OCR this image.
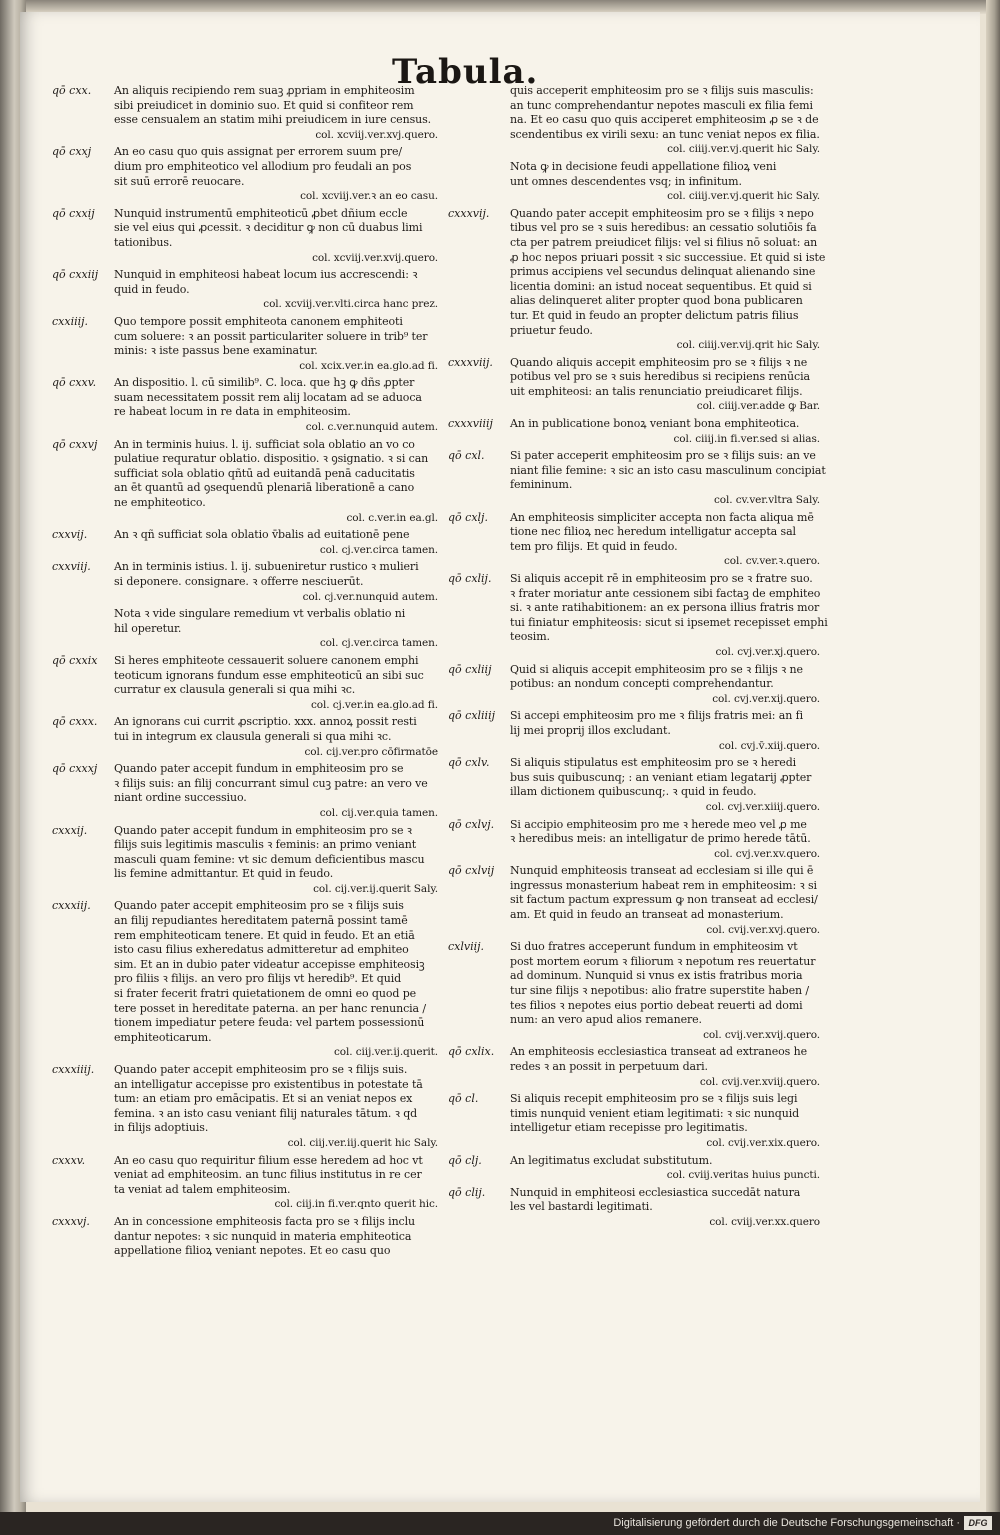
Tabula.
qō cxx.	An aliquis recipiendo rem suaꝫ ꝓpriam in emphiteosim
sibi preiudicet in dominio suo. Et quid si confiteor rem
esse censualem an statim mihi preiudicem in iure census.
col. xcviij.ver.xvj.quero.
qō cxxj	An eo casu quo quis assignat per errorem suum pre/
dium pro emphiteotico vel allodium pro feudali an pos
sit suū errorē reuocare.
col. xcviij.ver.ꝛ an eo casu.
qō cxxij	Nunquid instrumentū emphiteoticū ꝓbet dñium eccle
sie vel eius qui ꝓcessit. ꝛ deciditur ꝙ non cū duabus limi
tationibus.
col. xcviij.ver.xvij.quero.
qō cxxiij	Nunquid in emphiteosi habeat locum ius accrescendi: ꝛ
quid in feudo.
col. xcviij.ver.vlti.circa hanc prez.
cxxiiij.	Quo tempore possit emphiteota canonem emphiteoti
cum soluere: ꝛ an possit particulariter soluere in trib⁹ ter
minis: ꝛ iste passus bene examinatur.
col. xcix.ver.in ea.glo.ad fi.
qō cxxv.	An dispositio. l. cū similib⁹. C. loca. que hꝫ ꝙ dñs ꝓpter
suam necessitatem possit rem alij locatam ad se aduoca
re habeat locum in re data in emphiteosim.
col. c.ver.nunquid autem.
qō cxxvj	An in terminis huius. l. ij. sufficiat sola oblatio an vo co
pulatiue requratur oblatio. dispositio. ꝛ ꝯsignatio. ꝛ si can
sufficiat sola oblatio qñtū ad euitandā penā caducitatis
an ēt quantū ad ꝯsequendū plenariā liberationē a cano
ne emphiteotico.
col. c.ver.in ea.gl.
cxxvij.	An ꝛ qñ sufficiat sola oblatio v̄balis ad euitationē pene
col. cj.ver.circa tamen.
cxxviij.	An in terminis istius. l. ij. subueniretur rustico ꝛ mulieri
si deponere. consignare. ꝛ offerre nesciuerūt.
col. cj.ver.nunquid autem.
Nota ꝛ vide singulare remedium vt verbalis oblatio ni
hil operetur.
col. cj.ver.circa tamen.
qō cxxix	Si heres emphiteote cessauerit soluere canonem emphi
teoticum ignorans fundum esse emphiteoticū an sibi suc
curratur ex clausula generali si qua mihi ꝛc.
col. cj.ver.in ea.glo.ad fi.
qō cxxx.	An ignorans cui currit ꝓscriptio. xxx. annoꝝ possit resti
tui in integrum ex clausula generali si qua mihi ꝛc.
col. cij.ver.pro cōfirmatōe
qō cxxxj	Quando pater accepit fundum in emphiteosim pro se
ꝛ filijs suis: an filij concurrant simul cuꝫ patre: an vero ve
niant ordine successiuo.
col. cij.ver.quia tamen.
cxxxij.	Quando pater accepit fundum in emphiteosim pro se ꝛ
filijs suis legitimis masculis ꝛ feminis: an primo veniant
masculi quam femine: vt sic demum deficientibus mascu
lis femine admittantur. Et quid in feudo.
col. cij.ver.ij.querit Saly.
cxxxiij.	Quando pater accepit emphiteosim pro se ꝛ filijs suis
an filij repudiantes hereditatem paternā possint tamē
rem emphiteoticam tenere. Et quid in feudo. Et an etiā
isto casu filius exheredatus admitteretur ad emphiteo
sim. Et an in dubio pater videatur accepisse emphiteosiꝫ
pro filiis ꝛ filijs. an vero pro filijs vt heredib⁹. Et quid
si frater fecerit fratri quietationem de omni eo quod pe
tere posset in hereditate paterna. an per hanc renuncia /
tionem impediatur petere feuda: vel partem possessionū
emphiteoticarum.
col. ciij.ver.ij.querit.
cxxxiiij.	Quando pater accepit emphiteosim pro se ꝛ filijs suis.
an intelligatur accepisse pro existentibus in potestate tā
tum: an etiam pro emācipatis. Et si an veniat nepos ex
femina. ꝛ an isto casu veniant filij naturales tātum. ꝛ qd
in filijs adoptiuis.
col. ciij.ver.iij.querit hic Saly.
cxxxv.	An eo casu quo requiritur filium esse heredem ad hoc vt
veniat ad emphiteosim. an tunc filius institutus in re cer
ta veniat ad talem emphiteosim.
col. ciij.in fi.ver.qnto querit hic.
cxxxvj.	An in concessione emphiteosis facta pro se ꝛ filijs inclu
dantur nepotes: ꝛ sic nunquid in materia emphiteotica
appellatione filioꝝ veniant nepotes. Et eo casu quo
quis acceperit emphiteosim pro se ꝛ filijs suis masculis:
an tunc comprehendantur nepotes masculi ex filia femi
na. Et eo casu quo quis acciperet emphiteosim ꝓ se ꝛ de
scendentibus ex virili sexu: an tunc veniat nepos ex filia.
col. ciiij.ver.vj.querit hic Saly.
Nota ꝙ in decisione feudi appellatione filioꝝ veni
unt omnes descendentes vsq; in infinitum.
col. ciiij.ver.vj.querit hic Saly.
cxxxvij.	Quando pater accepit emphiteosim pro se ꝛ filijs ꝛ nepo
tibus vel pro se ꝛ suis heredibus: an cessatio solutiōis fa
cta per patrem preiudicet filijs: vel si filius nō soluat: an
ꝓ hoc nepos priuari possit ꝛ sic successiue. Et quid si iste
primus accipiens vel secundus delinquat alienando sine
licentia domini: an istud noceat sequentibus. Et quid si
alias delinqueret aliter propter quod bona publicaren
tur. Et quid in feudo an propter delictum patris filius
priuetur feudo.
col. ciiij.ver.vij.qrit hic Saly.
cxxxviij.	Quando aliquis accepit emphiteosim pro se ꝛ filijs ꝛ ne
potibus vel pro se ꝛ suis heredibus si recipiens renūcia
uit emphiteosi: an talis renunciatio preiudicaret filijs.
col. ciiij.ver.adde ꝙ Bar.
cxxxviiij	An in publicatione bonoꝝ veniant bona emphiteotica.
col. ciiij.in fi.ver.sed si alias.
qō cxl.	Si pater acceperit emphiteosim pro se ꝛ filijs suis: an ve
niant filie femine: ꝛ sic an isto casu masculinum concipiat
femininum.
col. cv.ver.vltra Saly.
qō cxlj.	An emphiteosis simpliciter accepta non facta aliqua mē
tione nec filioꝝ nec heredum intelligatur accepta sal
tem pro filijs. Et quid in feudo.
col. cv.ver.ꝛ.quero.
qō cxlij.	Si aliquis accepit rē in emphiteosim pro se ꝛ fratre suo.
ꝛ frater moriatur ante cessionem sibi factaꝫ de emphiteo
si. ꝛ ante ratihabitionem: an ex persona illius fratris mor
tui finiatur emphiteosis: sicut si ipsemet recepisset emphi
teosim.
col. cvj.ver.xj.quero.
qō cxliij	Quid si aliquis accepit emphiteosim pro se ꝛ filijs ꝛ ne
potibus: an nondum concepti comprehendantur.
col. cvj.ver.xij.quero.
qō cxliiij	Si accepi emphiteosim pro me ꝛ filijs fratris mei: an fi
lij mei proprij illos excludant.
col. cvj.v̄.xiij.quero.
qō cxlv.	Si aliquis stipulatus est emphiteosim pro se ꝛ heredi
bus suis quibuscunq; : an veniant etiam legatarij ꝓpter
illam dictionem quibuscunq;. ꝛ quid in feudo.
col. cvj.ver.xiiij.quero.
qō cxlvj.	Si accipio emphiteosim pro me ꝛ herede meo vel ꝓ me
ꝛ heredibus meis: an intelligatur de primo herede tātū.
col. cvj.ver.xv.quero.
qō cxlvij	Nunquid emphiteosis transeat ad ecclesiam si ille qui ē
ingressus monasterium habeat rem in emphiteosim: ꝛ si
sit factum pactum expressum ꝙ non transeat ad ecclesi/
am. Et quid in feudo an transeat ad monasterium.
col. cvij.ver.xvj.quero.
cxlviij.	Si duo fratres acceperunt fundum in emphiteosim vt
post mortem eorum ꝛ filiorum ꝛ nepotum res reuertatur
ad dominum. Nunquid si vnus ex istis fratribus moria
tur sine filijs ꝛ nepotibus: alio fratre superstite haben /
tes filios ꝛ nepotes eius portio debeat reuerti ad domi
num: an vero apud alios remanere.
col. cvij.ver.xvij.quero.
qō cxlix.	An emphiteosis ecclesiastica transeat ad extraneos he
redes ꝛ an possit in perpetuum dari.
col. cvij.ver.xviij.quero.
qō cl.	Si aliquis recepit emphiteosim pro se ꝛ filijs suis legi
timis nunquid venient etiam legitimati: ꝛ sic nunquid
intelligetur etiam recepisse pro legitimatis.
col. cvij.ver.xix.quero.
qō clj.	An legitimatus excludat substitutum.
col. cviij.veritas huius puncti.
qō clij.	Nunquid in emphiteosi ecclesiastica succedāt natura
les vel bastardi legitimati.
col. cviij.ver.xx.quero
Digitalisierung gefördert durch die Deutsche Forschungsgemeinschaft · DFG
